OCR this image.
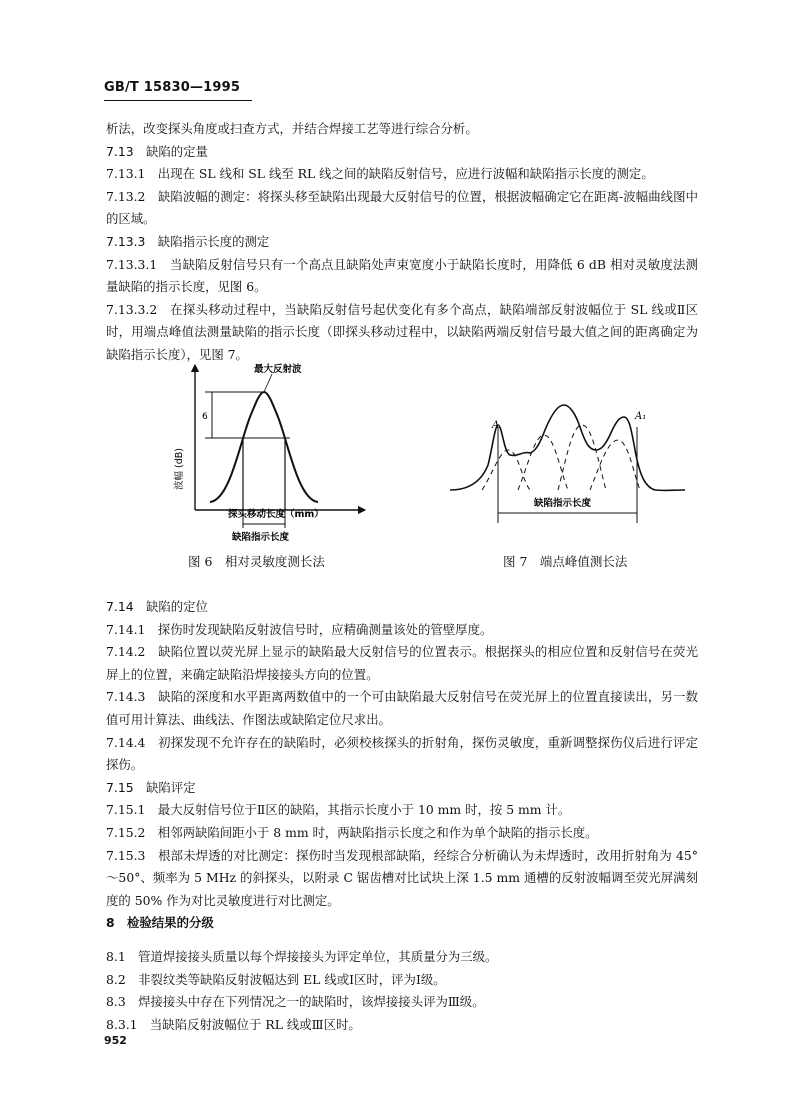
GB/T 15830—1995

析法，改变探头角度或扫查方式，并结合焊接工艺等进行综合分析。

7.13　缺陷的定量

7.13.1　出现在 SL 线和 SL 线至 RL 线之间的缺陷反射信号，应进行波幅和缺陷指示长度的测定。

7.13.2　缺陷波幅的测定：将探头移至缺陷出现最大反射信号的位置，根据波幅确定它在距离-波幅曲线图中的区域。

7.13.3　缺陷指示长度的测定

7.13.3.1　当缺陷反射信号只有一个高点且缺陷处声束宽度小于缺陷长度时，用降低 6 dB 相对灵敏度法测量缺陷的指示长度，见图 6。

7.13.3.2　在探头移动过程中，当缺陷反射信号起伏变化有多个高点，缺陷端部反射波幅位于 SL 线或Ⅱ区时，用端点峰值法测量缺陷的指示长度（即探头移动过程中，以缺陷两端反射信号最大值之间的距离确定为缺陷指示长度），见图 7。

最大反射波
6
波幅 (dB)
探头移动长度（mm）
缺陷指示长度
A
A₁
缺陷指示长度
图 6　相对灵敏度测长法	图 7　端点峰值测长法

7.14　缺陷的定位

7.14.1　探伤时发现缺陷反射波信号时，应精确测量该处的管壁厚度。

7.14.2　缺陷位置以荧光屏上显示的缺陷最大反射信号的位置表示。根据探头的相应位置和反射信号在荧光屏上的位置，来确定缺陷沿焊接接头方向的位置。

7.14.3　缺陷的深度和水平距离两数值中的一个可由缺陷最大反射信号在荧光屏上的位置直接读出，另一数值可用计算法、曲线法、作图法或缺陷定位尺求出。

7.14.4　初探发现不允许存在的缺陷时，必须校核探头的折射角，探伤灵敏度，重新调整探伤仪后进行评定探伤。

7.15　缺陷评定

7.15.1　最大反射信号位于Ⅱ区的缺陷，其指示长度小于 10 mm 时，按 5 mm 计。

7.15.2　相邻两缺陷间距小于 8 mm 时，两缺陷指示长度之和作为单个缺陷的指示长度。

7.15.3　根部未焊透的对比测定：探伤时当发现根部缺陷，经综合分析确认为未焊透时，改用折射角为 45°～50°、频率为 5 MHz 的斜探头，以附录 C 锯齿槽对比试块上深 1.5 mm 通槽的反射波幅调至荧光屏满刻度的 50% 作为对比灵敏度进行对比测定。

8　检验结果的分级

8.1　管道焊接接头质量以每个焊接接头为评定单位，其质量分为三级。

8.2　非裂纹类等缺陷反射波幅达到 EL 线或Ⅰ区时，评为Ⅰ级。

8.3　焊接接头中存在下列情况之一的缺陷时，该焊接接头评为Ⅲ级。

8.3.1　当缺陷反射波幅位于 RL 线或Ⅲ区时。

952
